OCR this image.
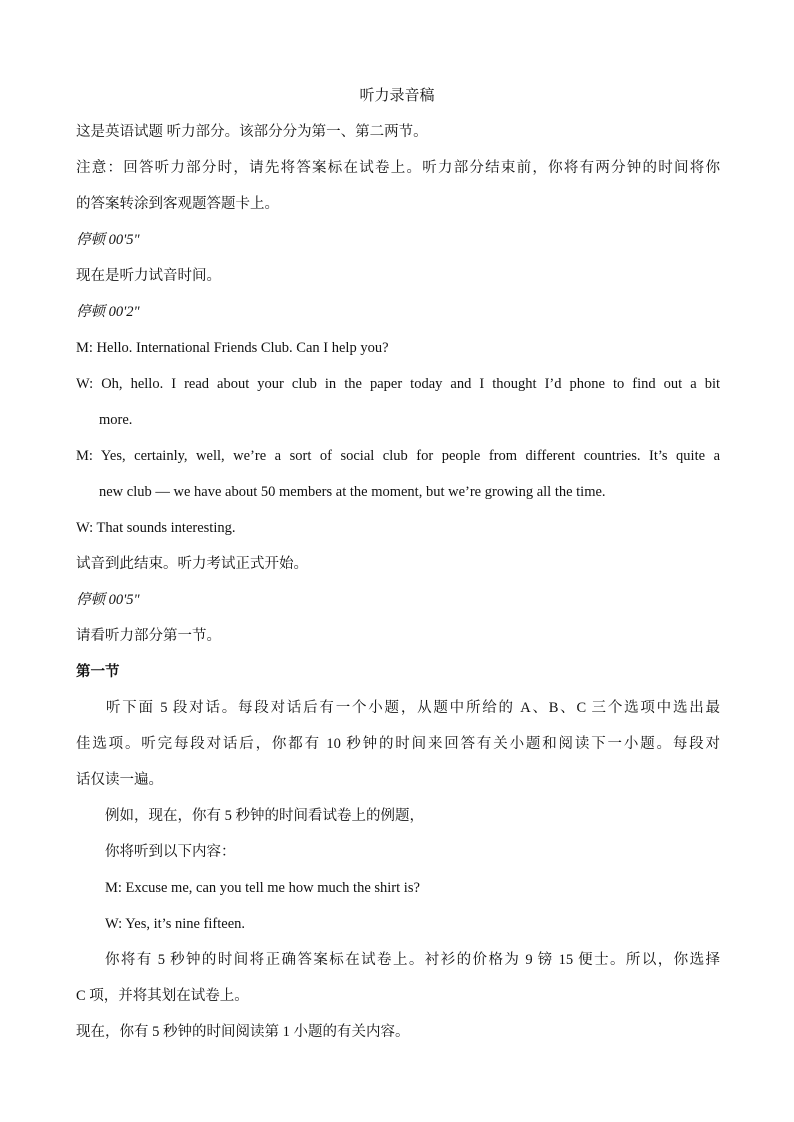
听力录音稿
这是英语试题 听力部分。该部分分为第一、第二两节。
注意：回答听力部分时，请先将答案标在试卷上。听力部分结束前，你将有两分钟的时间将你
的答案转涂到客观题答题卡上。
停顿 00'5"
现在是听力试音时间。
停顿 00'2"
M: Hello. International Friends Club. Can I help you?
W: Oh, hello. I read about your club in the paper today and I thought I’d phone to find out a bit
more.
M: Yes, certainly, well, we’re a sort of social club for people from different countries. It’s quite a
new club — we have about 50 members at the moment, but we’re growing all the time.
W: That sounds interesting.
试音到此结束。听力考试正式开始。
停顿 00'5"
请看听力部分第一节。
第一节
听下面 5 段对话。每段对话后有一个小题，从题中所给的 A、B、C 三个选项中选出最
佳选项。听完每段对话后，你都有 10 秒钟的时间来回答有关小题和阅读下一小题。每段对
话仅读一遍。
例如，现在，你有 5 秒钟的时间看试卷上的例题，
你将听到以下内容：
M: Excuse me, can you tell me how much the shirt is?
W: Yes, it’s nine fifteen.
你将有 5 秒钟的时间将正确答案标在试卷上。衬衫的价格为 9 镑 15 便士。所以，你选择
C 项，并将其划在试卷上。
现在，你有 5 秒钟的时间阅读第 1 小题的有关内容。
